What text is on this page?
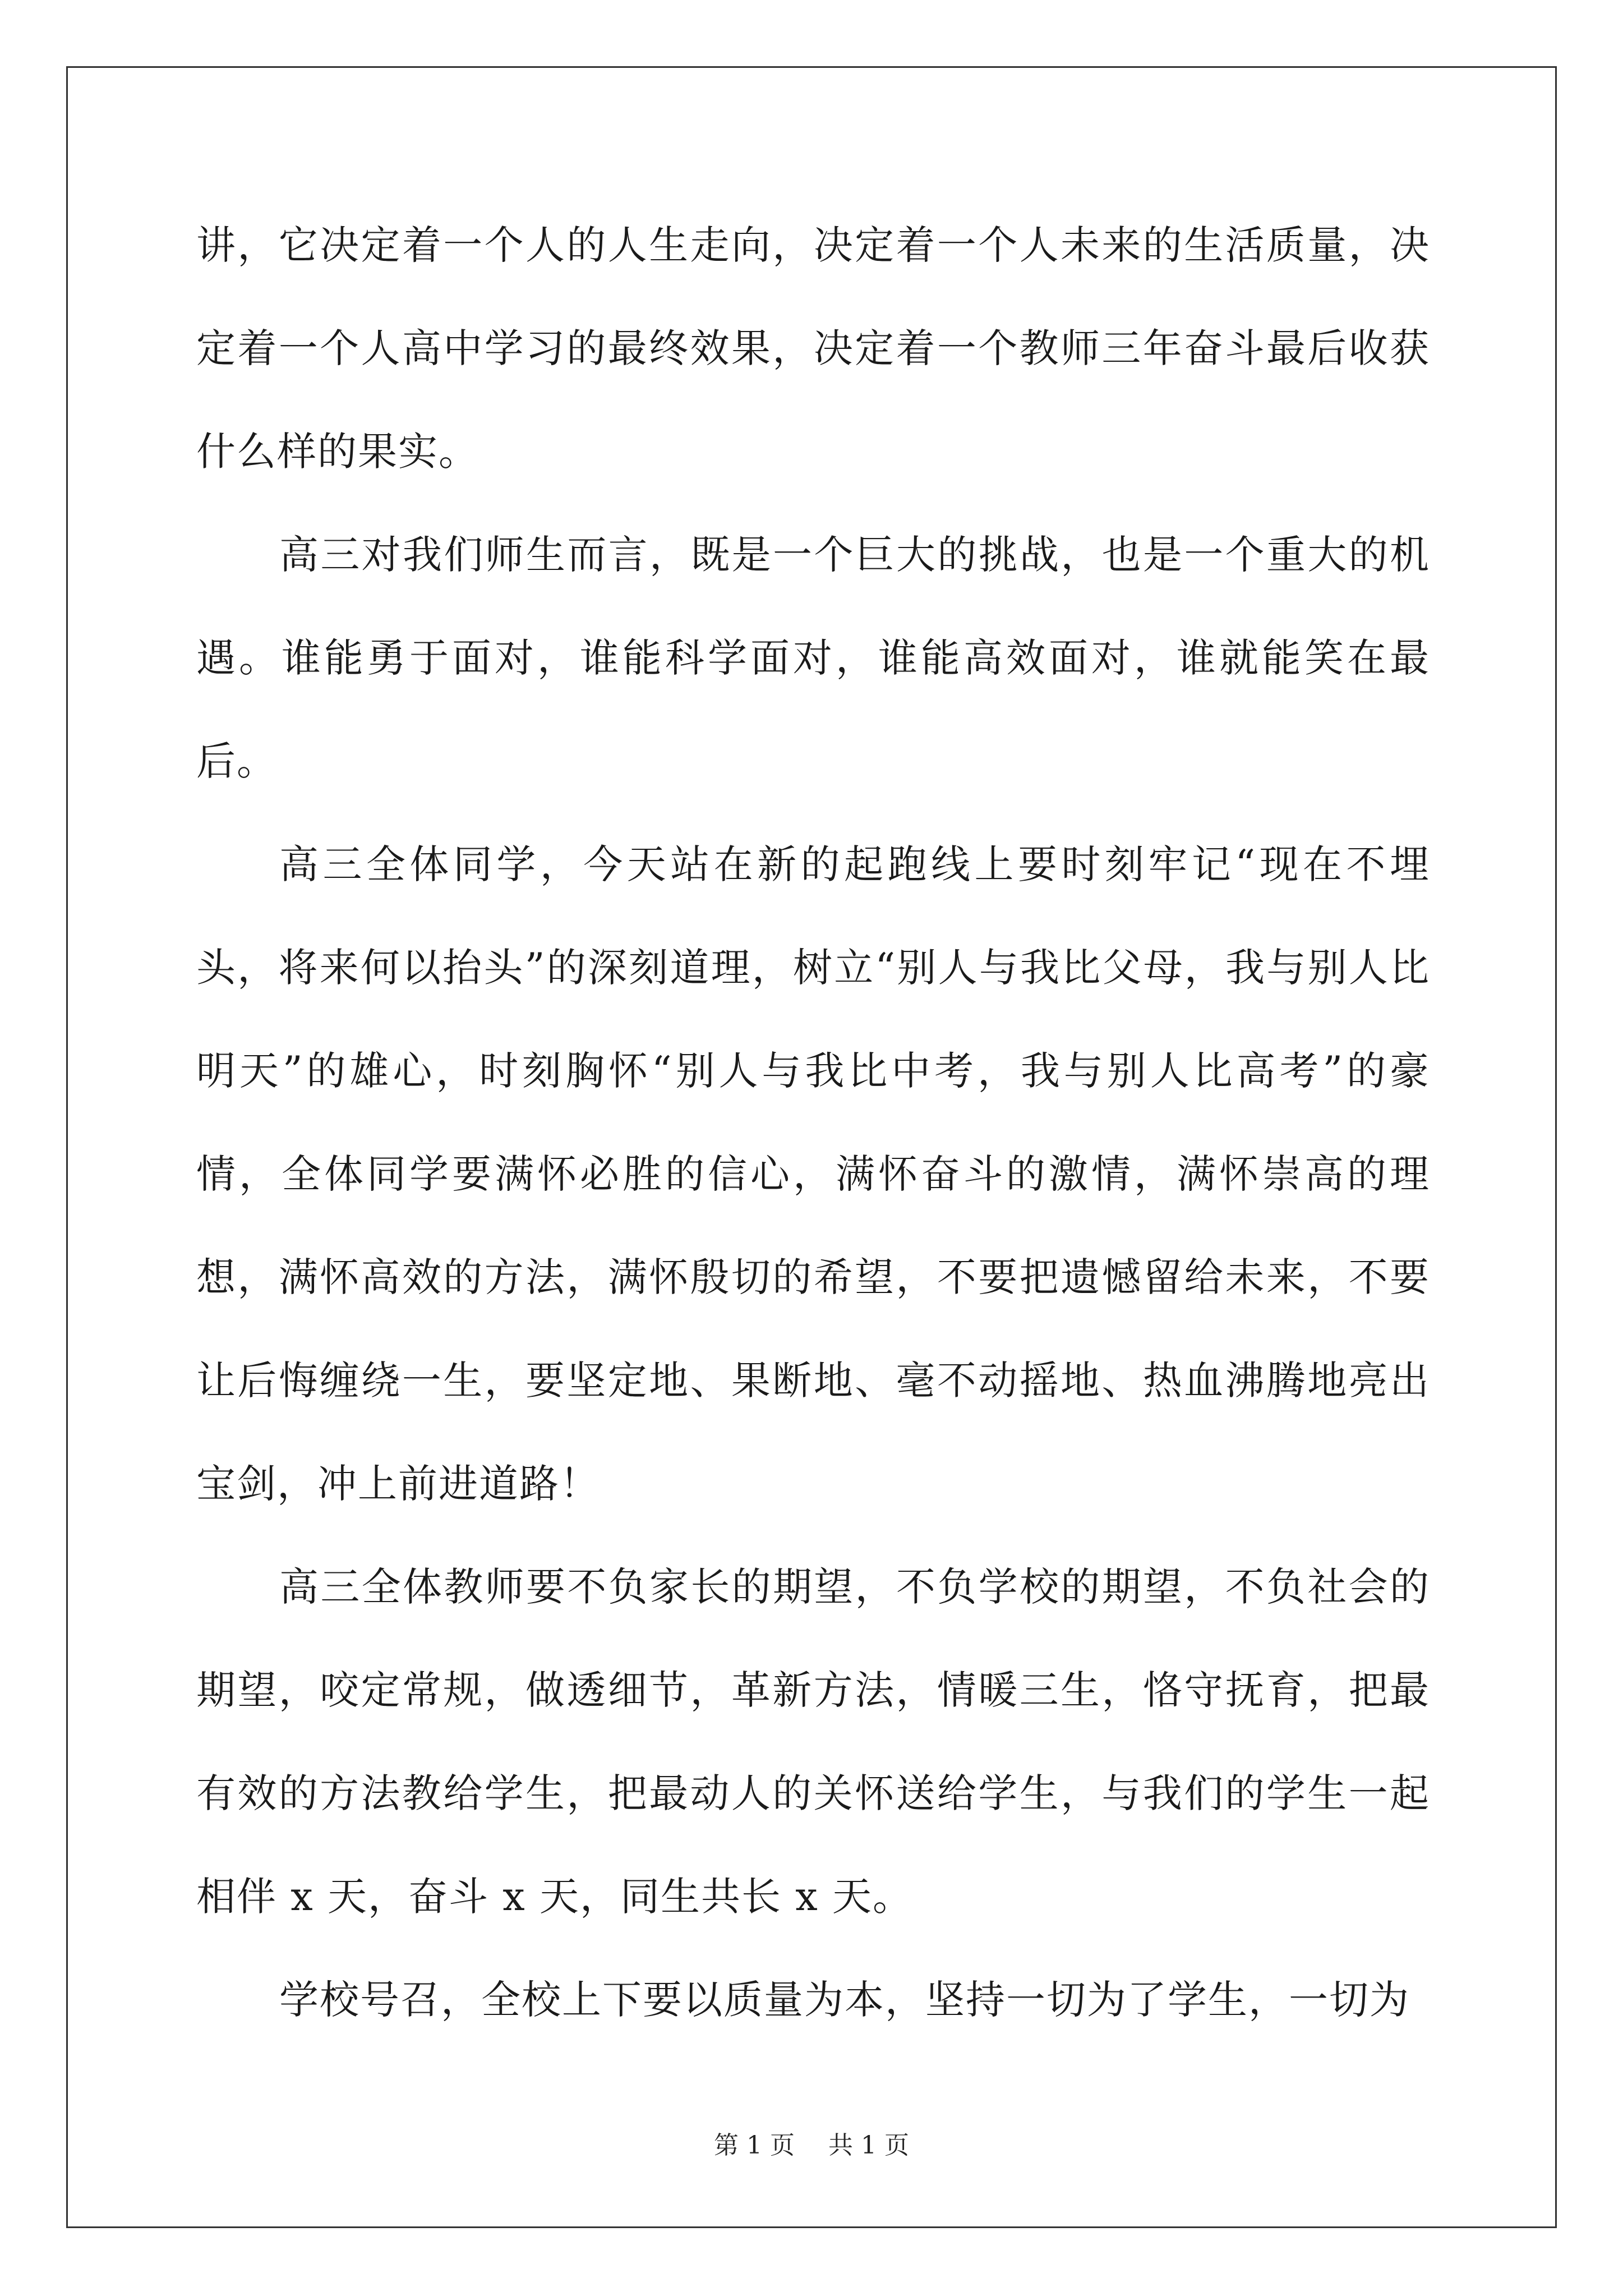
讲，它决定着一个人的人生走向，决定着一个人未来的生活质量，决定着一个人高中学习的最终效果，决定着一个教师三年奋斗最后收获什么样的果实。

高三对我们师生而言，既是一个巨大的挑战，也是一个重大的机遇。谁能勇于面对，谁能科学面对，谁能高效面对，谁就能笑在最后。

高三全体同学，今天站在新的起跑线上要时刻牢记“现在不埋头，将来何以抬头”的深刻道理，树立“别人与我比父母，我与别人比明天”的雄心，时刻胸怀“别人与我比中考，我与别人比高考”的豪情，全体同学要满怀必胜的信心，满怀奋斗的激情，满怀崇高的理想，满怀高效的方法，满怀殷切的希望，不要把遗憾留给未来，不要让后悔缠绕一生，要坚定地、果断地、毫不动摇地、热血沸腾地亮出宝剑，冲上前进道路！

高三全体教师要不负家长的期望，不负学校的期望，不负社会的期望，咬定常规，做透细节，革新方法，情暖三生，恪守抚育，把最有效的方法教给学生，把最动人的关怀送给学生，与我们的学生一起相伴 x 天，奋斗 x 天，同生共长 x 天。

学校号召，全校上下要以质量为本，坚持一切为了学生，一切为

第 1 页 共 1 页
